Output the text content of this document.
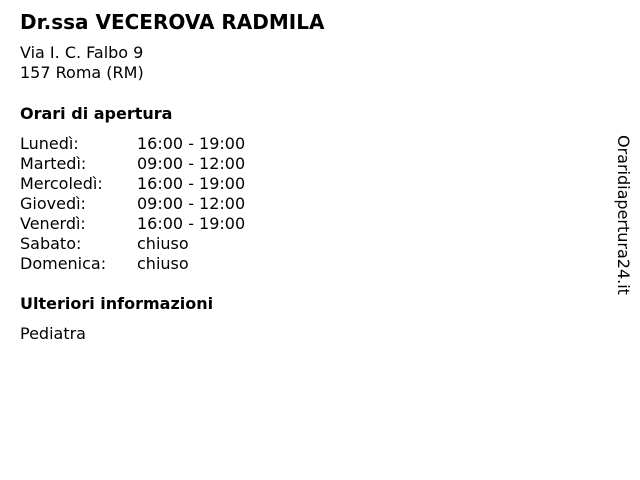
Dr.ssa VECEROVA RADMILA
Via I. C. Falbo 9
157 Roma (RM)
Orari di apertura
Lunedì:	16:00 - 19:00
Martedì:	09:00 - 12:00
Mercoledì: 16:00 - 19:00
Giovedì:	09:00 - 12:00
Venerdì:	16:00 - 19:00
Sabato:	chiuso
Domenica: chiuso
Ulteriori informazioni
Pediatra
Oraridiapertura24.it
